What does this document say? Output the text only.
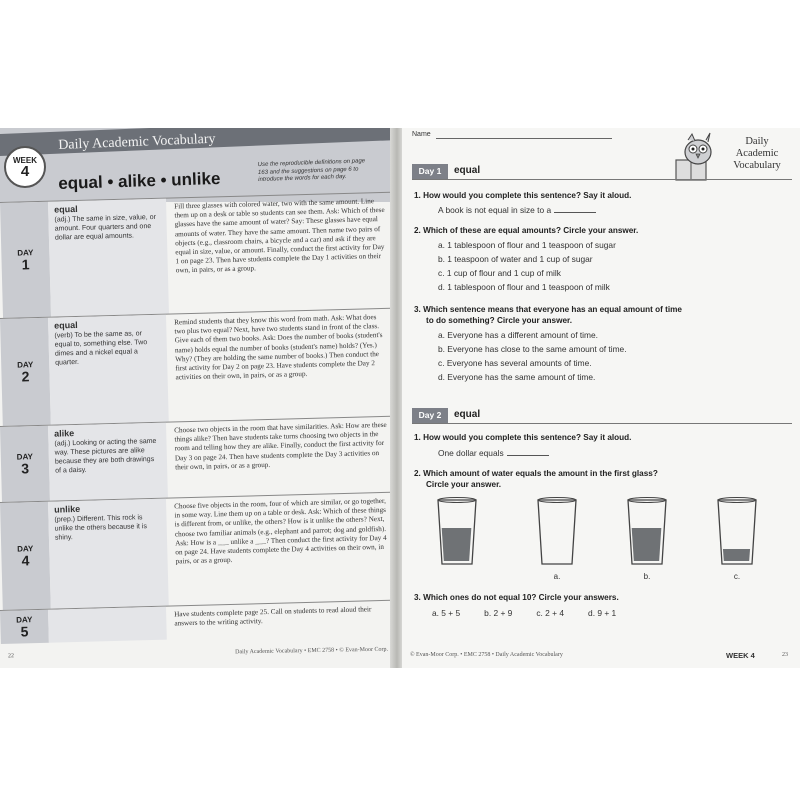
Daily Academic Vocabulary
WEEK
4	equal • alike • unlike
Use the reproducible definitions on page 163 and the suggestions on page 6 to introduce the words for each day.
DAY
1
equal
(adj.) The same in size, value, or amount. Four quarters and one dollar are equal amounts.
Fill three glasses with colored water, two with the same amount. Line them up on a desk or table so students can see them. Ask: Which of these glasses have the same amount of water? Say: These glasses have equal amounts of water. They have the same amount. Then name two pairs of objects (e.g., classroom chairs, a bicycle and a car) and ask if they are equal in size, value, or amount. Finally, conduct the first activity for Day 1 on page 23. Then have students complete the Day 1 activities on their own, in pairs, or as a group.
DAY
2
equal
(verb) To be the same as, or equal to, something else. Two dimes and a nickel equal a quarter.
Remind students that they know this word from math. Ask: What does two plus two equal? Next, have two students stand in front of the class. Give each of them two books. Ask: Does the number of books (student's name) holds equal the number of books (student's name) holds? (Yes.) Why? (They are holding the same number of books.) Then conduct the first activity for Day 2 on page 23. Have students complete the Day 2 activities on their own, in pairs, or as a group.
DAY
3
alike
(adj.) Looking or acting the same way. These pictures are alike because they are both drawings of a daisy.
Choose two objects in the room that have similarities. Ask: How are these things alike? Then have students take turns choosing two objects in the room and telling how they are alike. Finally, conduct the first activity for Day 3 on page 24. Then have students complete the Day 3 activities on their own, in pairs, or as a group.
DAY
4
unlike
(prep.) Different. This rock is unlike the others because it is shiny.
Choose five objects in the room, four of which are similar, or go together, in some way. Line them up on a table or desk. Ask: Which of these things is different from, or unlike, the others? How is it unlike the others? Next, choose two familiar animals (e.g., elephant and parrot; dog and goldfish). Ask: How is a ___ unlike a ___? Then conduct the first activity for Day 4 on page 24. Have students complete the Day 4 activities on their own, in pairs, or as a group.
DAY
5
Have students complete page 25. Call on students to read aloud their answers to the writing activity.
22
Daily Academic Vocabulary • EMC 2758 • © Evan-Moor Corp.
Name
Daily Academic Vocabulary
Day 1	equal
1. How would you complete this sentence? Say it aloud.
A book is not equal in size to a
2. Which of these are equal amounts? Circle your answer.
a. 1 tablespoon of flour and 1 teaspoon of sugar
b. 1 teaspoon of water and 1 cup of sugar
c. 1 cup of flour and 1 cup of milk
d. 1 tablespoon of flour and 1 teaspoon of milk
3. Which sentence means that everyone has an equal amount of time
to do something? Circle your answer.
a. Everyone has a different amount of time.
b. Everyone has close to the same amount of time.
c. Everyone has several amounts of time.
d. Everyone has the same amount of time.
Day 2	equal
1. How would you complete this sentence? Say it aloud.
One dollar equals
2. Which amount of water equals the amount in the first glass?
Circle your answer.
a.	b.	c.
3. Which ones do not equal 10? Circle your answers.
a. 5 + 5	b. 2 + 9	c. 2 + 4	d. 9 + 1
© Evan-Moor Corp. • EMC 2758 • Daily Academic Vocabulary	WEEK 4	23
